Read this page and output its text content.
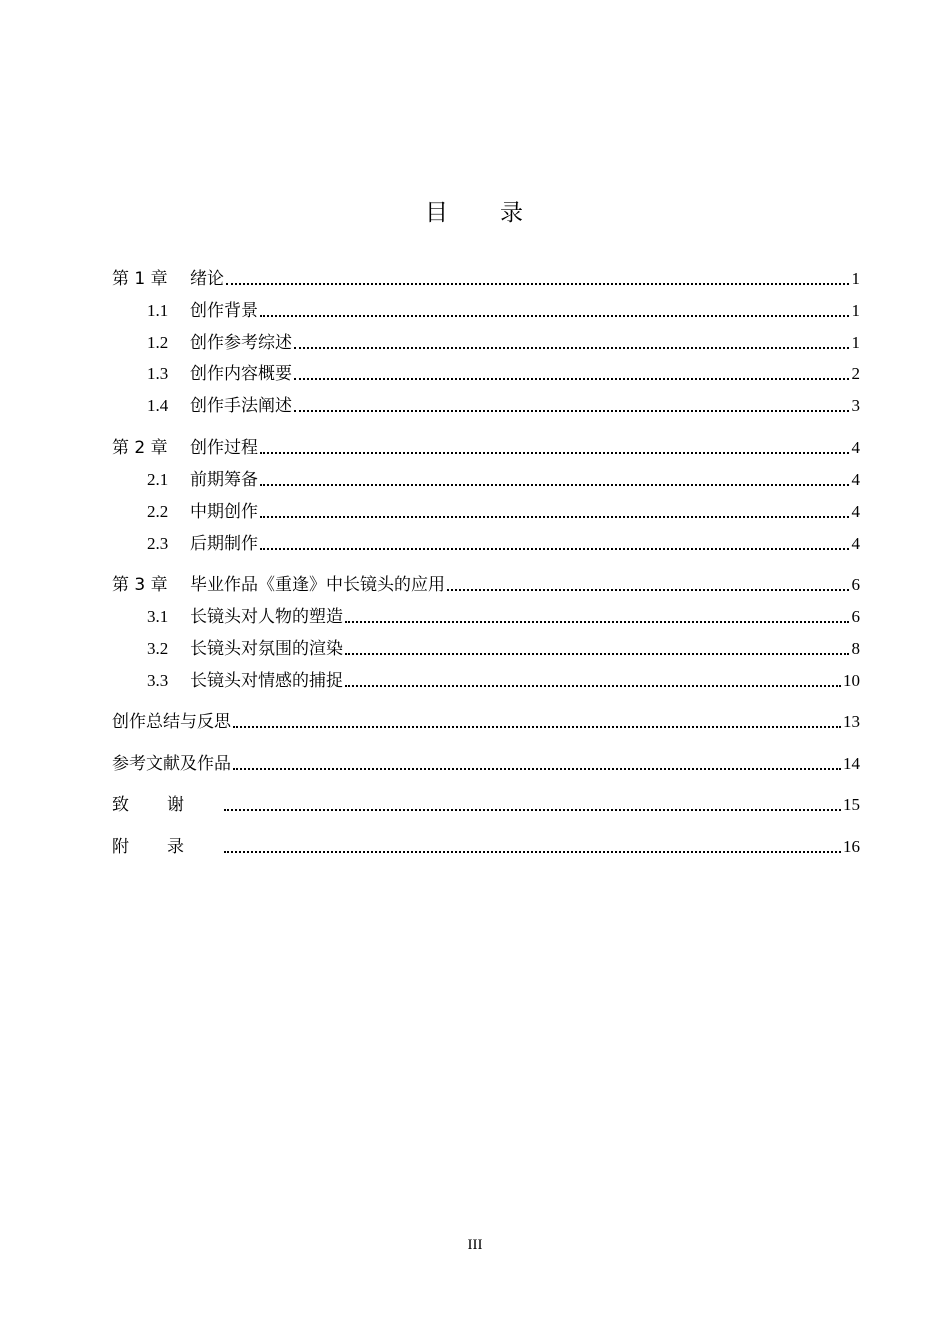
目 录
第 1 章	绪论	1
1.1	创作背景	1
1.2	创作参考综述	1
1.3	创作内容概要	2
1.4	创作手法阐述	3
第 2 章	创作过程	4
2.1	前期筹备	4
2.2	中期创作	4
2.3	后期制作	4
第 3 章	毕业作品《重逢》中长镜头的应用	6
3.1	长镜头对人物的塑造	6
3.2	长镜头对氛围的渲染	8
3.3	长镜头对情感的捕捉	10
创作总结与反思	13
参考文献及作品	14
致谢	15
附录	16
III
